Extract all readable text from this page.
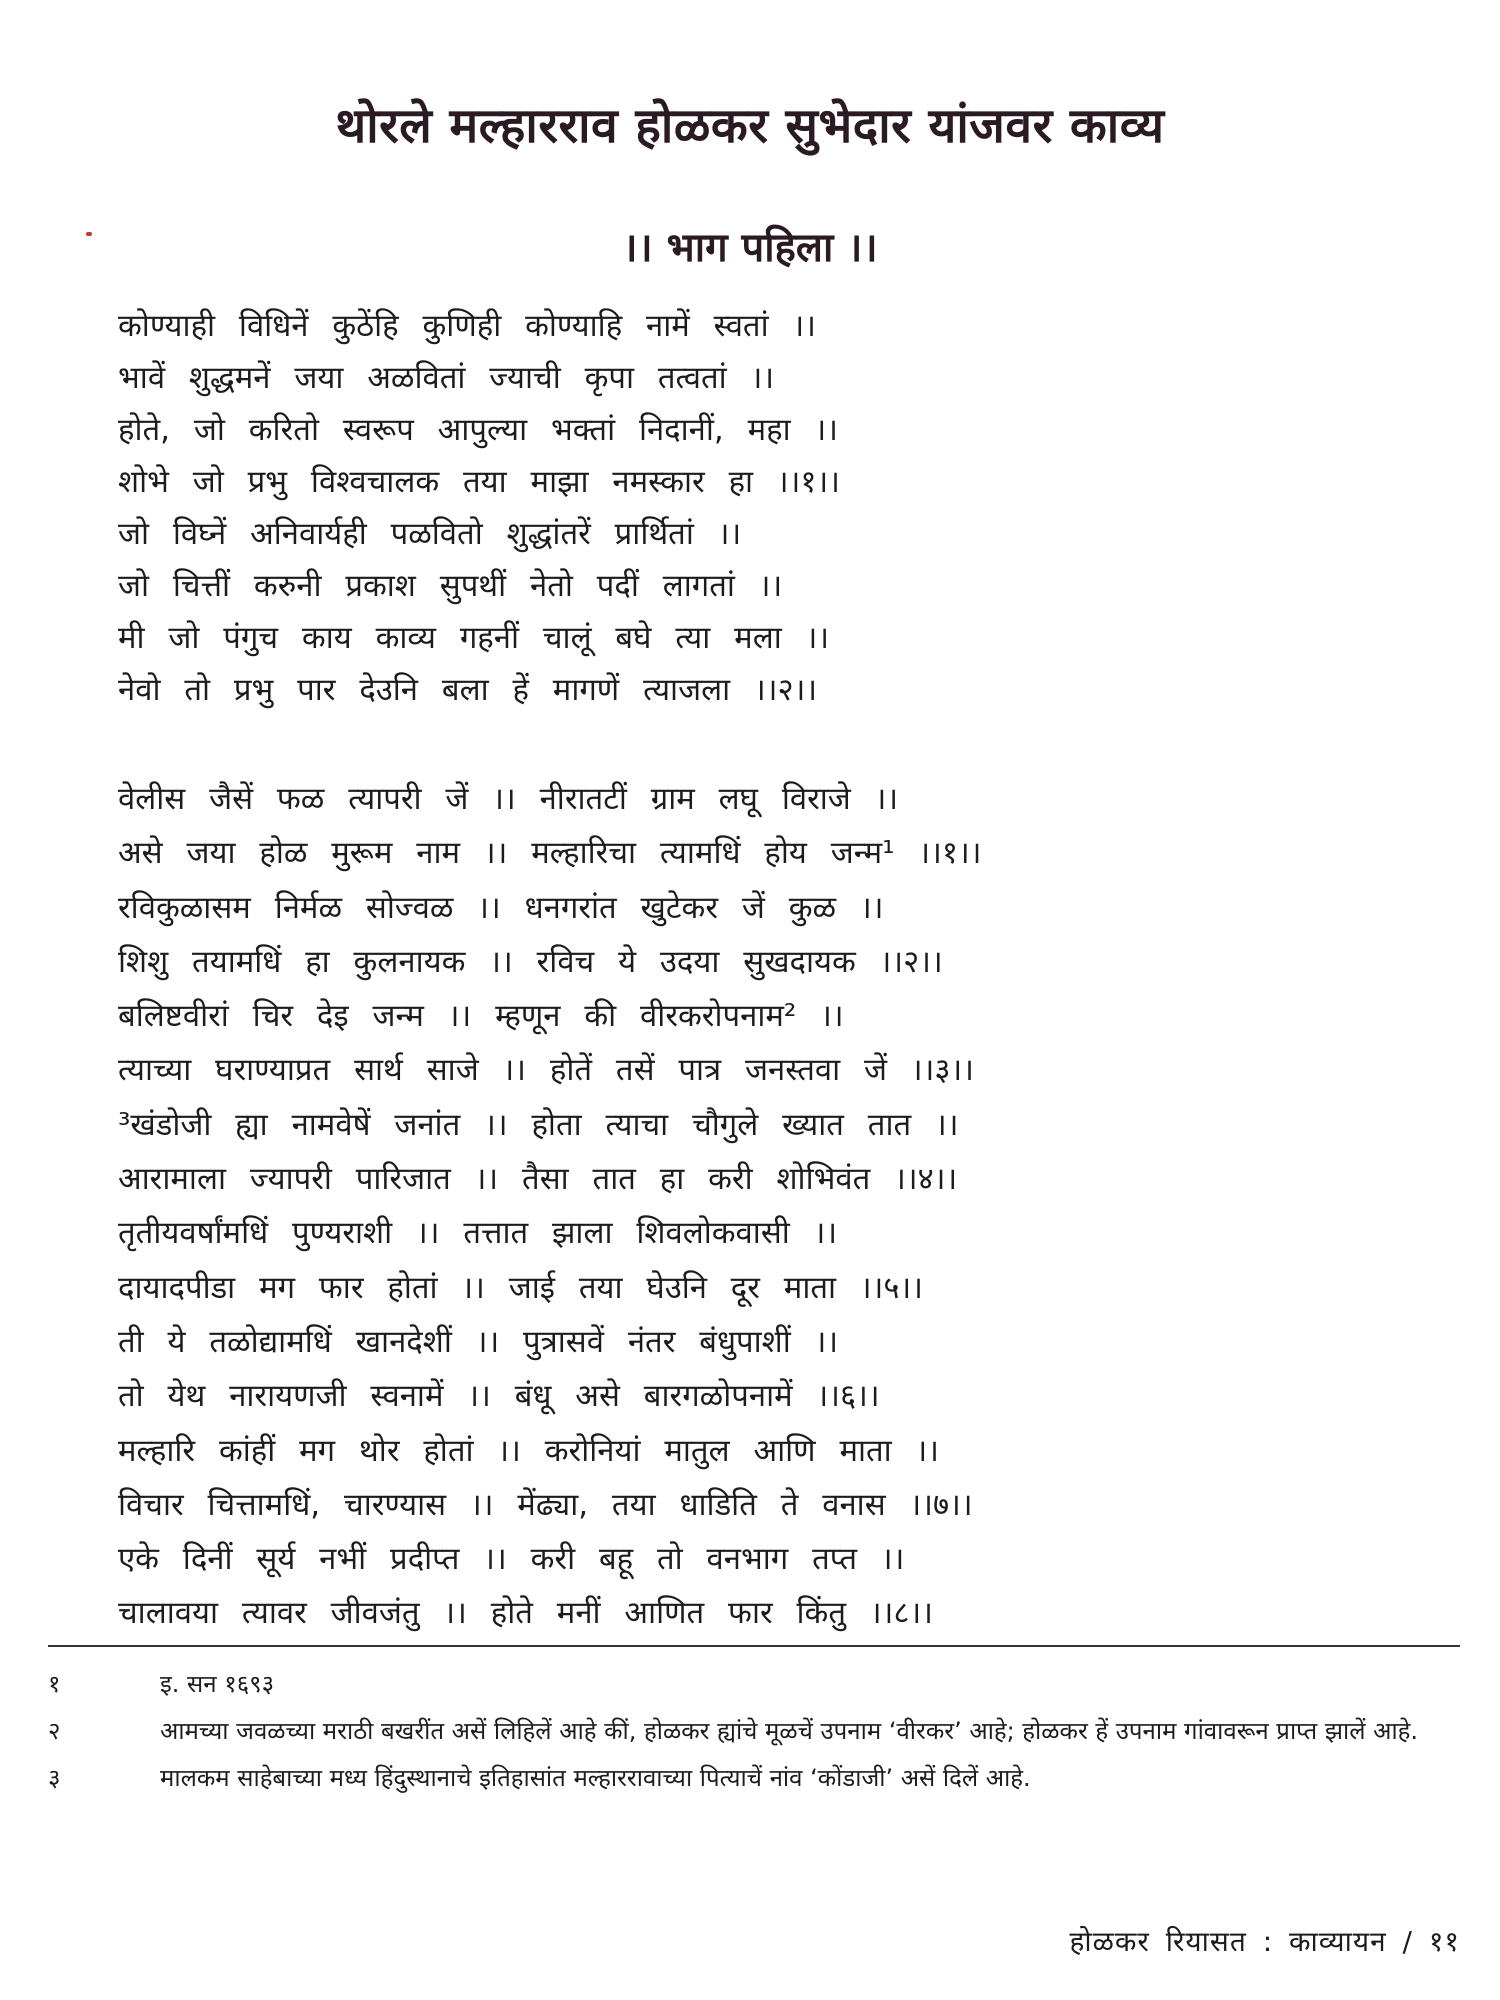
थोरले मल्हारराव होळकर सुभेदार यांजवर काव्य
।। भाग पहिला ।।
कोण्याही विधिनें कुठेंहि कुणिही कोण्याहि नामें स्वतां ।।
भावें शुद्धमनें जया अळवितां ज्याची कृपा तत्वतां ।।
होते, जो करितो स्वरूप आपुल्या भक्तां निदानीं, महा ।।
शोभे जो प्रभु विश्वचालक तया माझा नमस्कार हा ।।१।।
जो विघ्नें अनिवार्यही पळवितो शुद्धांतरें प्रार्थितां ।।
जो चित्तीं करुनी प्रकाश सुपथीं नेतो पदीं लागतां ।।
मी जो पंगुच काय काव्य गहनीं चालूं बघे त्या मला ।।
नेवो तो प्रभु पार देउनि बला हें मागणें त्याजला ।।२।।
वेलीस जैसें फळ त्यापरी जें ।। नीरातटीं ग्राम लघू विराजे ।।
असे जया होळ मुरूम नाम ।। मल्हारिचा त्यामधिं होय जन्म¹ ।।१।।
रविकुळासम निर्मळ सोज्वळ ।। धनगरांत खुटेकर जें कुळ ।।
शिशु तयामधिं हा कुलनायक ।। रविच ये उदया सुखदायक ।।२।।
बलिष्टवीरां चिर देइ जन्म ।। म्हणून की वीरकरोपनाम² ।।
त्याच्या घराण्याप्रत सार्थ साजे ।। होतें तसें पात्र जनस्तवा जें ।।३।।
³खंडोजी ह्या नामवेषें जनांत ।। होता त्याचा चौगुले ख्यात तात ।।
आरामाला ज्यापरी पारिजात ।। तैसा तात हा करी शोभिवंत ।।४।।
तृतीयवर्षांमधिं पुण्यराशी ।। तत्तात झाला शिवलोकवासी ।।
दायादपीडा मग फार होतां ।। जाई तया घेउनि दूर माता ।।५।।
ती ये तळोद्यामधिं खानदेशीं ।। पुत्रासवें नंतर बंधुपाशीं ।।
तो येथ नारायणजी स्वनामें ।। बंधू असे बारगळोपनामें ।।६।।
मल्हारि कांहीं मग थोर होतां ।। करोनियां मातुल आणि माता ।।
विचार चित्तामधिं, चारण्यास ।। मेंढ्या, तया धाडिति ते वनास ।।७।।
एके दिनीं सूर्य नभीं प्रदीप्त ।। करी बहू तो वनभाग तप्त ।।
चालावया त्यावर जीवजंतु ।। होते मनीं आणित फार किंतु ।।८।।
१	इ. सन १६९३
२	आमच्या जवळच्या मराठी बखरींत असें लिहिलें आहे कीं, होळकर ह्यांचे मूळचें उपनाम ‘वीरकर’ आहे; होळकर हें उपनाम गांवावरून प्राप्त झालें आहे.
३	मालकम साहेबाच्या मध्य हिंदुस्थानाचे इतिहासांत मल्हाररावाच्या पित्याचें नांव ‘कोंडाजी’ असें दिलें आहे.
होळकर रियासत : काव्यायन / ११
